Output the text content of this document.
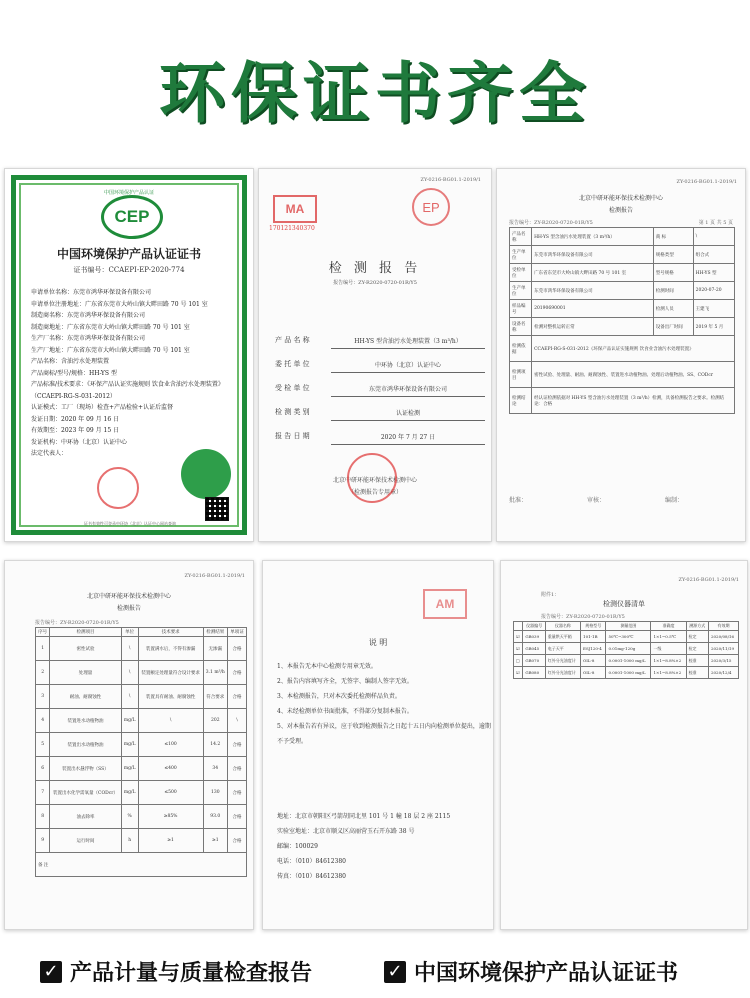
环保证书齐全
中国环境保护产品认证
CEP
中国环境保护产品认证证书
证书编号：CCAEPI-EP-2020-774
申请单位名称：东莞市鸿华环保设备有限公司
申请单位注册地址：广东省东莞市大岭山镇大畔田路 70 号 101 室
制造商名称：东莞市鸿华环保设备有限公司
制造商地址：广东省东莞市大岭山镇大畔田路 70 号 101 室
生产厂名称：东莞市鸿华环保设备有限公司
生产厂地址：广东省东莞市大岭山镇大畔田路 70 号 101 室
产品名称：含油污水处理装置
产品商标/型号/规格：HH-YS 型
产品标准/技术要求：《环保产品认证实施规则 饮食业含油污水处理装置》
（CCAEPI-RG-S-031-2012）
认证模式：工厂（现场）检查+产品检验+认证后监督
发证日期：2020 年 09 月 16 日
有效期至：2023 年 09 月 15 日
发证机构：中环协（北京）认证中心
法定代表人：
证书有效性可登录中环协（北京）认证中心网站查询
ZY-0216-BG01.1-2019/1
MA
170121340370
EP
检 测 报 告
报告编号：ZY-R2020-0720-01R/Y5
产 品 名 称	HH-YS 型含油污水处理装置（3 m³/h）
委 托 单 位	中环协（北京）认证中心
受 检 单 位	东莞市鸿华环保设备有限公司
检 测 类 别	认证检测
报 告 日 期	2020 年 7 月 27 日
北京中研环能环保技术检测中心
（检测报告专用章）
ZY-0216-BG01.1-2019/1
北京中研环能环保技术检测中心
检测报告
报告编号：ZY-R2020-0720-01R/Y5	第 1 页 共 5 页
产品名称	HH-YS 型含油污水处理装置（3 m³/h）	商 标	\
生产单位	东莞市鸿华环保设备有限公司	规格类型	组合式
受检单位	广东省东莞市大岭山镇大畔田路 70 号 101 室	型号规格	HH-YS 型
生产单位	东莞市鸿华环保设备有限公司	检测时间	2020-07-20
样品编号	20190690001	检测人员	王建飞
设备名称	检测对整机运转正常	设备出厂时间	2019 年 5 月
检测依据	CCAEPI-RG-S-031-2012《环保产品认证实施规则 饮食业含油污水处理装置》		
检测项目	密性试验、处理量、耐油、耐腐蚀性、装置进水动植物油、处理后动植物油、SS、CODcr		
检测结论	经认证检测依据对 HH-YS 型含油污水处理装置（3 m³/h）检测，具备检测报告之要求。检测结论：合格		
批准：	审核：	编制：
ZY-0216-BG01.1-2019/1
北京中研环能环保技术检测中心
检测报告
报告编号：ZY-R2020-0720-01R/Y5
序号	检测项目	单位	技术要求	检测结果	单项证
1	密性试验	\	装置满水后，不得有渗漏	无渗漏	合格
2	处理量	\	装置额定处理量符合设计要求	3.1 m³/h	合格
3	耐油、耐腐蚀性	\	装置具有耐油、耐腐蚀性	符合要求	合格
4	装置进水动植物油	mg/L	\	202	\
5	装置出水动植物油	mg/L	≤100	14.2	合格
6	装置出水悬浮物（SS）	mg/L	≤400	34	合格
7	装置出水化学需氧量（CODcr）	mg/L	≤500	130	合格
8	油去除率	%	≥85%	93.0	合格
9	运行时间	h	≥1	≥1	合格
备 注					
AM
说 明
1、本报告无本中心检测专用章无效。
2、报告内容填写齐全，无签字、编制人签字无效。
3、本检测报告，只对本次委托检测样品负责。
4、未经检测单位书面批准，不得部分复制本报告。
5、对本报告若有异议，应于收到检测报告之日起十五日内向检测单位提出，逾期不予受理。
地址：北京市朝阳区弓箭胡同北里 101 号 1 幢 18 层 2 座 2115
实验室地址：北京市顺义区高丽营玉石开东路 38 号
邮编：100029
电话：（010）84612380
传真：（010）84612380
ZY-0216-BG01.1-2019/1
附件1：
检测仪器清单
报告编号：ZY-R2020-0720-01R/Y5
	仪器编号	仪器名称	规格型号	测量范围	准确度	溯源方式	有效期
☑	GB039	重量烘天平箱	101-1B	50℃~300℃	1×1~0.5℃	检定	2020/08/16
☑	GB045	电子天平	ESJ120-4	0.01mg-120g	一级	检定	2020/11/19
□	GB070	红外分光油度计	OIL-8	0.0001-1000 mg/L	1×1~8.8%×2	校准	2020/3/15
☑	GB080	红外分光油度计	OIL-8	0.0001-1000 mg/L	1×1~8.8%×2	校准	2020/12/4
✓ 产品计量与质量检查报告	✓ 中国环境保护产品认证证书
